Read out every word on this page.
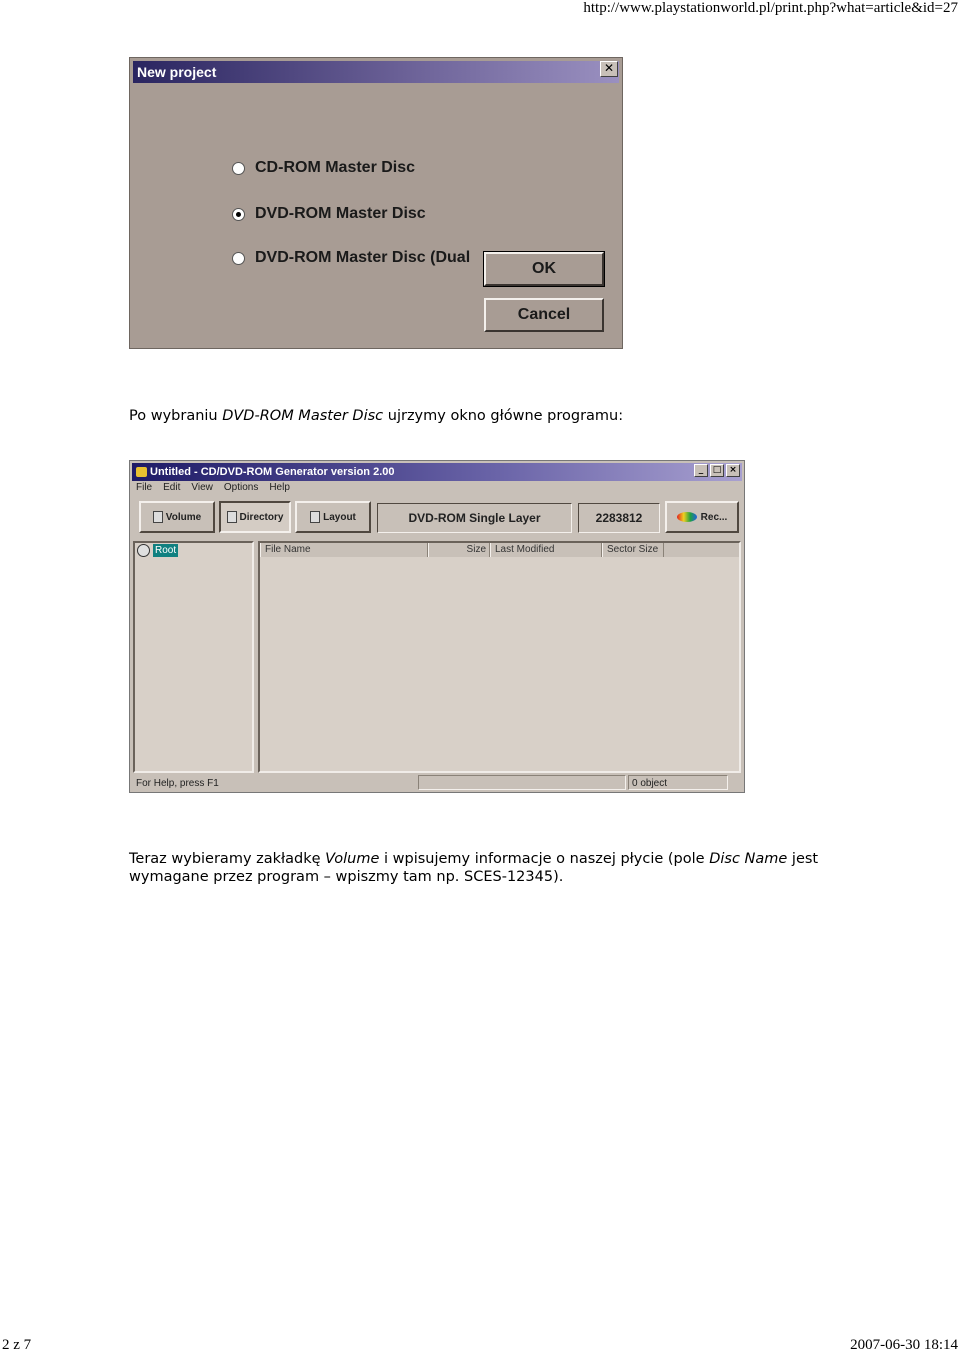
http://www.playstationworld.pl/print.php?what=article&id=27
New project	✕
CD-ROM Master Disc
DVD-ROM Master Disc
DVD-ROM Master Disc (Dual
OK
Cancel
Po wybraniu DVD-ROM Master Disc ujrzymy okno główne programu:
Untitled - CD/DVD-ROM Generator version 2.00	_	□ ×
File Edit View Options Help
Volume	Directory	Layout	DVD-ROM Single Layer	2283812	Rec...
Root	File Name	Size Last Modified	Sector Size
For Help, press F1	0 object
Teraz wybieramy zakładkę Volume i wpisujemy informacje o naszej płycie (pole Disc Name jest wymagane przez program – wpiszmy tam np. SCES-12345).
2 z 7	2007-06-30 18:14
